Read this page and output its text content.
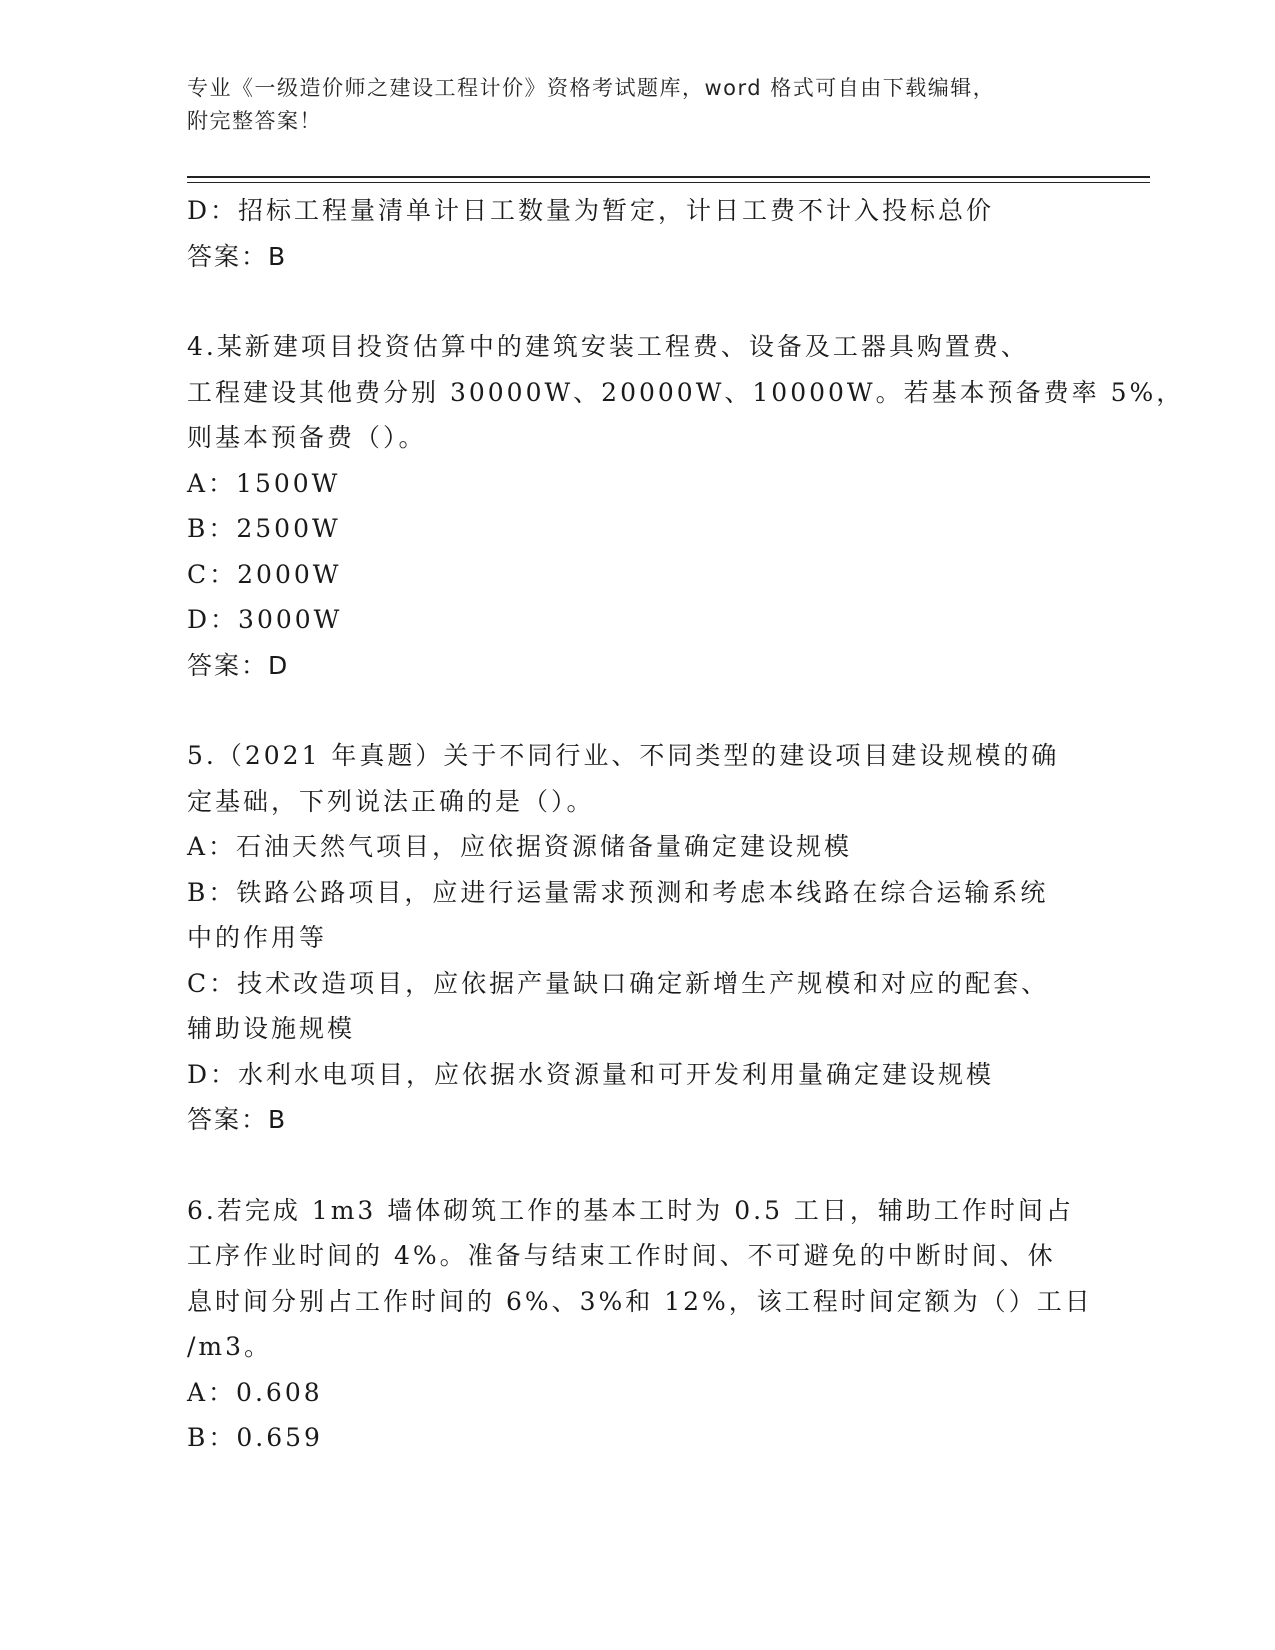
专业《一级造价师之建设工程计价》资格考试题库，word 格式可自由下载编辑，
附完整答案！

D：招标工程量清单计日工数量为暂定，计日工费不计入投标总价

答案：B

4.某新建项目投资估算中的建筑安装工程费、设备及工器具购置费、

工程建设其他费分别 30000W、20000W、10000W。若基本预备费率 5%，

则基本预备费（）。

A：1500W

B：2500W

C：2000W

D：3000W

答案：D

5.（2021 年真题）关于不同行业、不同类型的建设项目建设规模的确

定基础，下列说法正确的是（）。

A：石油天然气项目，应依据资源储备量确定建设规模

B：铁路公路项目，应进行运量需求预测和考虑本线路在综合运输系统

中的作用等

C：技术改造项目，应依据产量缺口确定新增生产规模和对应的配套、

辅助设施规模

D：水利水电项目，应依据水资源量和可开发利用量确定建设规模

答案：B

6.若完成 1m3 墙体砌筑工作的基本工时为 0.5 工日，辅助工作时间占

工序作业时间的 4%。准备与结束工作时间、不可避免的中断时间、休

息时间分别占工作时间的 6%、3%和 12%，该工程时间定额为（）工日

/m3。

A：0.608

B：0.659
